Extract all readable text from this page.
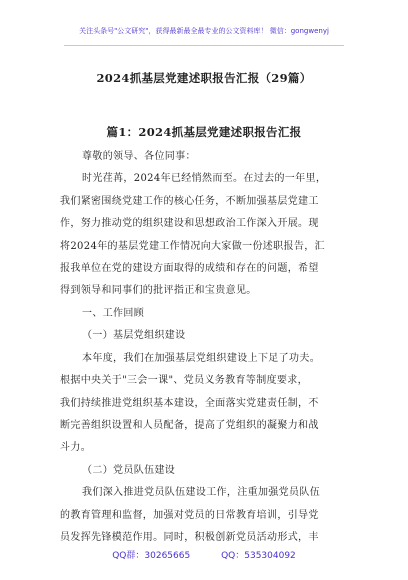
关注头条号"公文研究"，获得最新最全最专业的公文资料库！ 微信：gongwenyj
2024抓基层党建述职报告汇报（29篇）
篇1：2024抓基层党建述职报告汇报
尊敬的领导、各位同事：
时光荏苒，2024年已经悄然而至。在过去的一年里，
我们紧密围绕党建工作的核心任务，不断加强基层党建工
作，努力推动党的组织建设和思想政治工作深入开展。现
将2024年的基层党建工作情况向大家做一份述职报告，汇
报我单位在党的建设方面取得的成绩和存在的问题，希望
得到领导和同事们的批评指正和宝贵意见。
一、工作回顾
（一）基层党组织建设
本年度，我们在加强基层党组织建设上下足了功夫。
根据中央关于"三会一课"、党员义务教育等制度要求，
我们持续推进党组织基本建设，全面落实党建责任制，不
断完善组织设置和人员配备，提高了党组织的凝聚力和战
斗力。
（二）党员队伍建设
我们深入推进党员队伍建设工作，注重加强党员队伍
的教育管理和监督，加强对党员的日常教育培训，引导党
员发挥先锋模范作用。同时，积极创新党员活动形式，丰
QQ群：30265665	QQ：535304092
